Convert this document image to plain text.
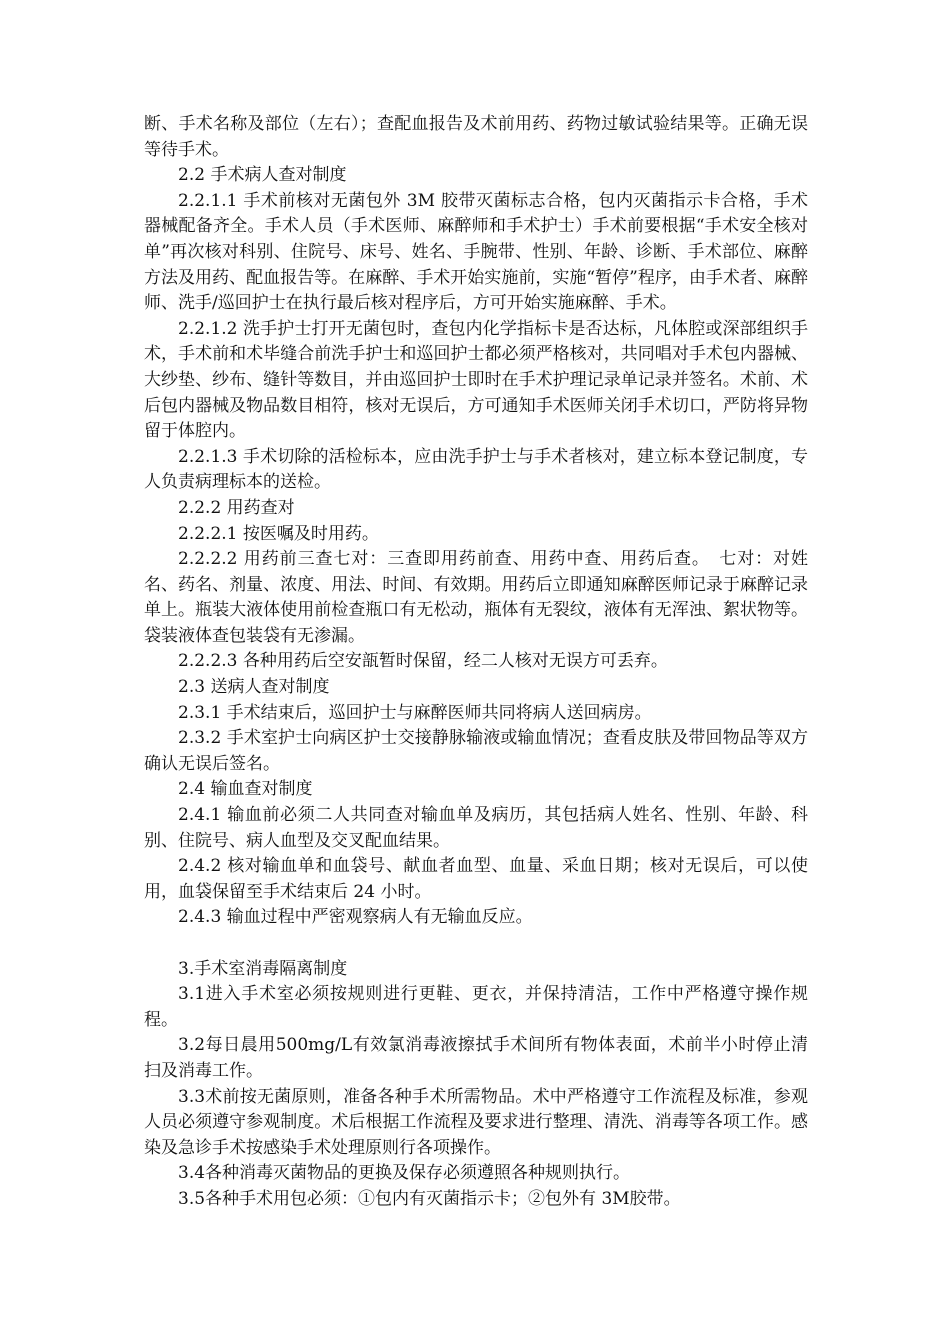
断、手术名称及部位（左右）；查配血报告及术前用药、药物过敏试验结果等。正确无误等待手术。

2.2 手术病人查对制度

2.2.1.1 手术前核对无菌包外 3M 胶带灭菌标志合格，包内灭菌指示卡合格，手术器械配备齐全。手术人员（手术医师、麻醉师和手术护士）手术前要根据“手术安全核对单”再次核对科别、住院号、床号、姓名、手腕带、性别、年龄、诊断、手术部位、麻醉方法及用药、配血报告等。在麻醉、手术开始实施前，实施“暂停”程序，由手术者、麻醉师、洗手/巡回护士在执行最后核对程序后，方可开始实施麻醉、手术。

2.2.1.2 洗手护士打开无菌包时，查包内化学指标卡是否达标，凡体腔或深部组织手术，手术前和术毕缝合前洗手护士和巡回护士都必须严格核对，共同唱对手术包内器械、大纱垫、纱布、缝针等数目，并由巡回护士即时在手术护理记录单记录并签名。术前、术后包内器械及物品数目相符，核对无误后，方可通知手术医师关闭手术切口，严防将异物留于体腔内。

2.2.1.3 手术切除的活检标本，应由洗手护士与手术者核对，建立标本登记制度，专人负责病理标本的送检。

2.2.2 用药查对

2.2.2.1 按医嘱及时用药。

2.2.2.2 用药前三查七对：三查即用药前查、用药中查、用药后查。　七对：对姓名、药名、剂量、浓度、用法、时间、有效期。用药后立即通知麻醉医师记录于麻醉记录单上。瓶装大液体使用前检查瓶口有无松动，瓶体有无裂纹，液体有无浑浊、絮状物等。袋装液体查包装袋有无渗漏。

2.2.2.3 各种用药后空安瓿暂时保留，经二人核对无误方可丢弃。

2.3 送病人查对制度

2.3.1 手术结束后，巡回护士与麻醉医师共同将病人送回病房。

2.3.2 手术室护士向病区护士交接静脉输液或输血情况；查看皮肤及带回物品等双方确认无误后签名。

2.4 输血查对制度

2.4.1 输血前必须二人共同查对输血单及病历，其包括病人姓名、性别、年龄、科别、住院号、病人血型及交叉配血结果。

2.4.2 核对输血单和血袋号、献血者血型、血量、采血日期；核对无误后，可以使用，血袋保留至手术结束后 24 小时。

2.4.3 输血过程中严密观察病人有无输血反应。

3.手术室消毒隔离制度

3.1进入手术室必须按规则进行更鞋、更衣，并保持清洁，工作中严格遵守操作规程。

3.2每日晨用500mg/L有效氯消毒液擦拭手术间所有物体表面，术前半小时停止清扫及消毒工作。

3.3术前按无菌原则，准备各种手术所需物品。术中严格遵守工作流程及标准，参观人员必须遵守参观制度。术后根据工作流程及要求进行整理、清洗、消毒等各项工作。感染及急诊手术按感染手术处理原则行各项操作。

3.4各种消毒灭菌物品的更换及保存必须遵照各种规则执行。

3.5各种手术用包必须：①包内有灭菌指示卡；②包外有 3M胶带。
